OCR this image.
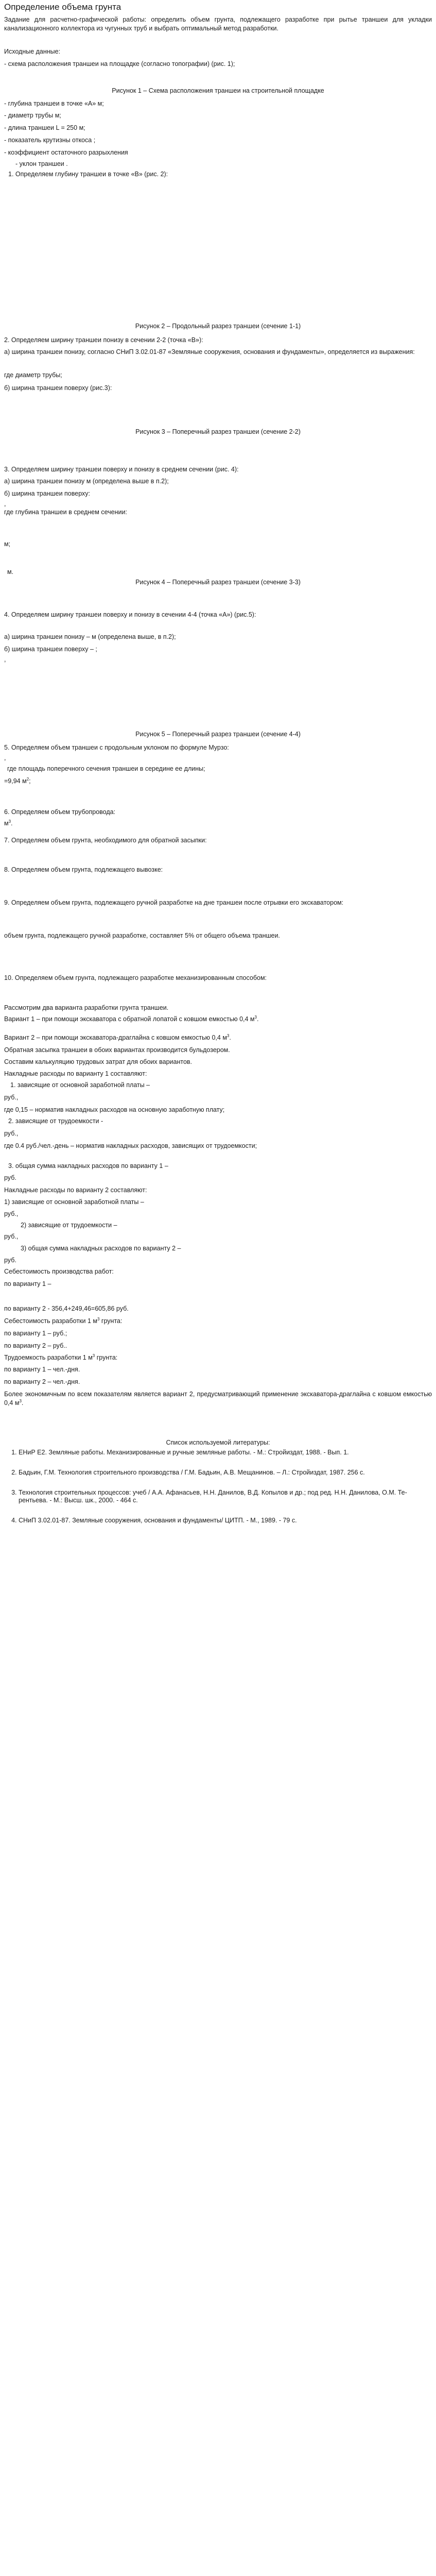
Определение объема грунта

Задание для расчетно-графической работы: определить объем грунта, подлежащего разработке при рытье траншеи для укладки канализационного коллектора из чугунных труб и выбрать оптимальный метод разработки.

Исходные данные:

- схема расположения траншеи на площадке (согласно топографии) (рис. 1);

Рисунок 1 – Схема расположения траншеи на строительной площадке

- глубина траншеи в точке «А» м;

- диаметр трубы м;

- длина траншеи L = 250 м;

- показатель крутизны откоса ;

- коэффициент остаточного разрыхления

- уклон траншеи .

1. Определяем глубину траншеи в точке «В» (рис. 2):

Рисунок 2 – Продольный разрез траншеи (сечение 1-1)

2. Определяем ширину траншеи понизу в сечении 2-2 (точка «В»):

а) ширина траншеи понизу, согласно СНиП 3.02.01-87 «Земляные сооружения, основания и фундаменты», определяется из выражения:

где диаметр трубы;

б) ширина траншеи поверху (рис.3):

Рисунок 3 – Поперечный разрез траншеи (сечение 2-2)

3. Определяем ширину траншеи поверху и понизу в среднем сечении (рис. 4):

а) ширина траншеи понизу м (определена выше в п.2);

б) ширина траншеи поверху:

,

где глубина траншеи в среднем сечении:

м;

м.

Рисунок 4 – Поперечный разрез траншеи (сечение 3-3)

4. Определяем ширину траншеи поверху и понизу в сечении 4-4 (точка «А») (рис.5):

а) ширина траншеи понизу – м (определена выше, в п.2);

б) ширина траншеи поверху – ;

,

Рисунок 5 – Поперечный разрез траншеи (сечение 4-4)

5. Определяем объем траншеи с продольным уклоном по формуле Мурзо:

,

где площадь поперечного сечения траншеи в середине ее длины;

=9,94 $м^2$;

6. Определяем объем трубопровода:

$м^3$.

7. Определяем объем грунта, необходимого для обратной засыпки:

8. Определяем объем грунта, подлежащего вывозке:

9. Определяем объем грунта, подлежащего ручной разработке на дне траншеи после отрывки его экскаватором:

объем грунта, подлежащего ручной разработке, составляет 5% от общего объема траншеи.

10. Определяем объем грунта, подлежащего разработке механизированным способом:

Рассмотрим два варианта разработки грунта траншеи.

Вариант 1 – при помощи экскаватора с обратной лопатой с ковшом емкостью 0,4 $м^3$.

Вариант 2 – при помощи экскаватора-драглайна с ковшом емкостью 0,4 $м^3$.

Обратная засыпка траншеи в обоих вариантах производится бульдозером.

Составим калькуляцию трудовых затрат для обоих вариантов.

Накладные расходы по варианту 1 составляют:

1. зависящие от основной заработной платы –

руб.,

где 0,15 – норматив накладных расходов на основную заработную плату;

2. зависящие от трудоемкости -

руб.,

где 0.4 руб./чел.-день – норматив накладных расходов, зависящих от трудоемкости;

3. общая сумма накладных расходов по варианту 1 –

руб.

Накладные расходы по варианту 2 составляют:

1) зависящие от основной заработной платы –

руб.,

2) зависящие от трудоемкости –

руб.,

3) общая сумма накладных расходов по варианту 2 –

руб.

Себестоимость производства работ:

по варианту 1 –

по варианту 2 - 356,4+249,46=605,86 руб.

Себестоимость разработки 1 $м^3$ грунта:

по варианту 1 – руб.;

по варианту 2 – руб..

Трудоемкость разработки 1 $м^3$ грунта:

по варианту 1 – чел.-дня.

по варианту 2 – чел.-дня.

Более экономичным по всем показателям является вариант 2, предусматривающий применение экскаватора-драглайна с ковшом емкостью 0,4 $м^3$.

Список используемой литературы:

1. ЕНиР Е2. Земляные работы. Механизированные и ручные земляные работы. - М.: Стройиздат, 1988. - Вып. 1.
2. Бадьин, Г.М. Технология строительного производства / Г.М. Бадьин, А.В. Мещанинов. – Л.: Стройиздат, 1987. 256 с.
3. Технология строительных процессов: учеб / А.А. Афанасьев, Н.Н. Данилов, В.Д. Копылов и др.; под ред. Н.Н. Данилова, О.М. Те-рентьева. - М.: Высш. шк., 2000. - 464 с.
4. СНиП 3.02.01-87. Земляные сооружения, основания и фундаменты/ ЦИТП. - М., 1989. - 79 с.
